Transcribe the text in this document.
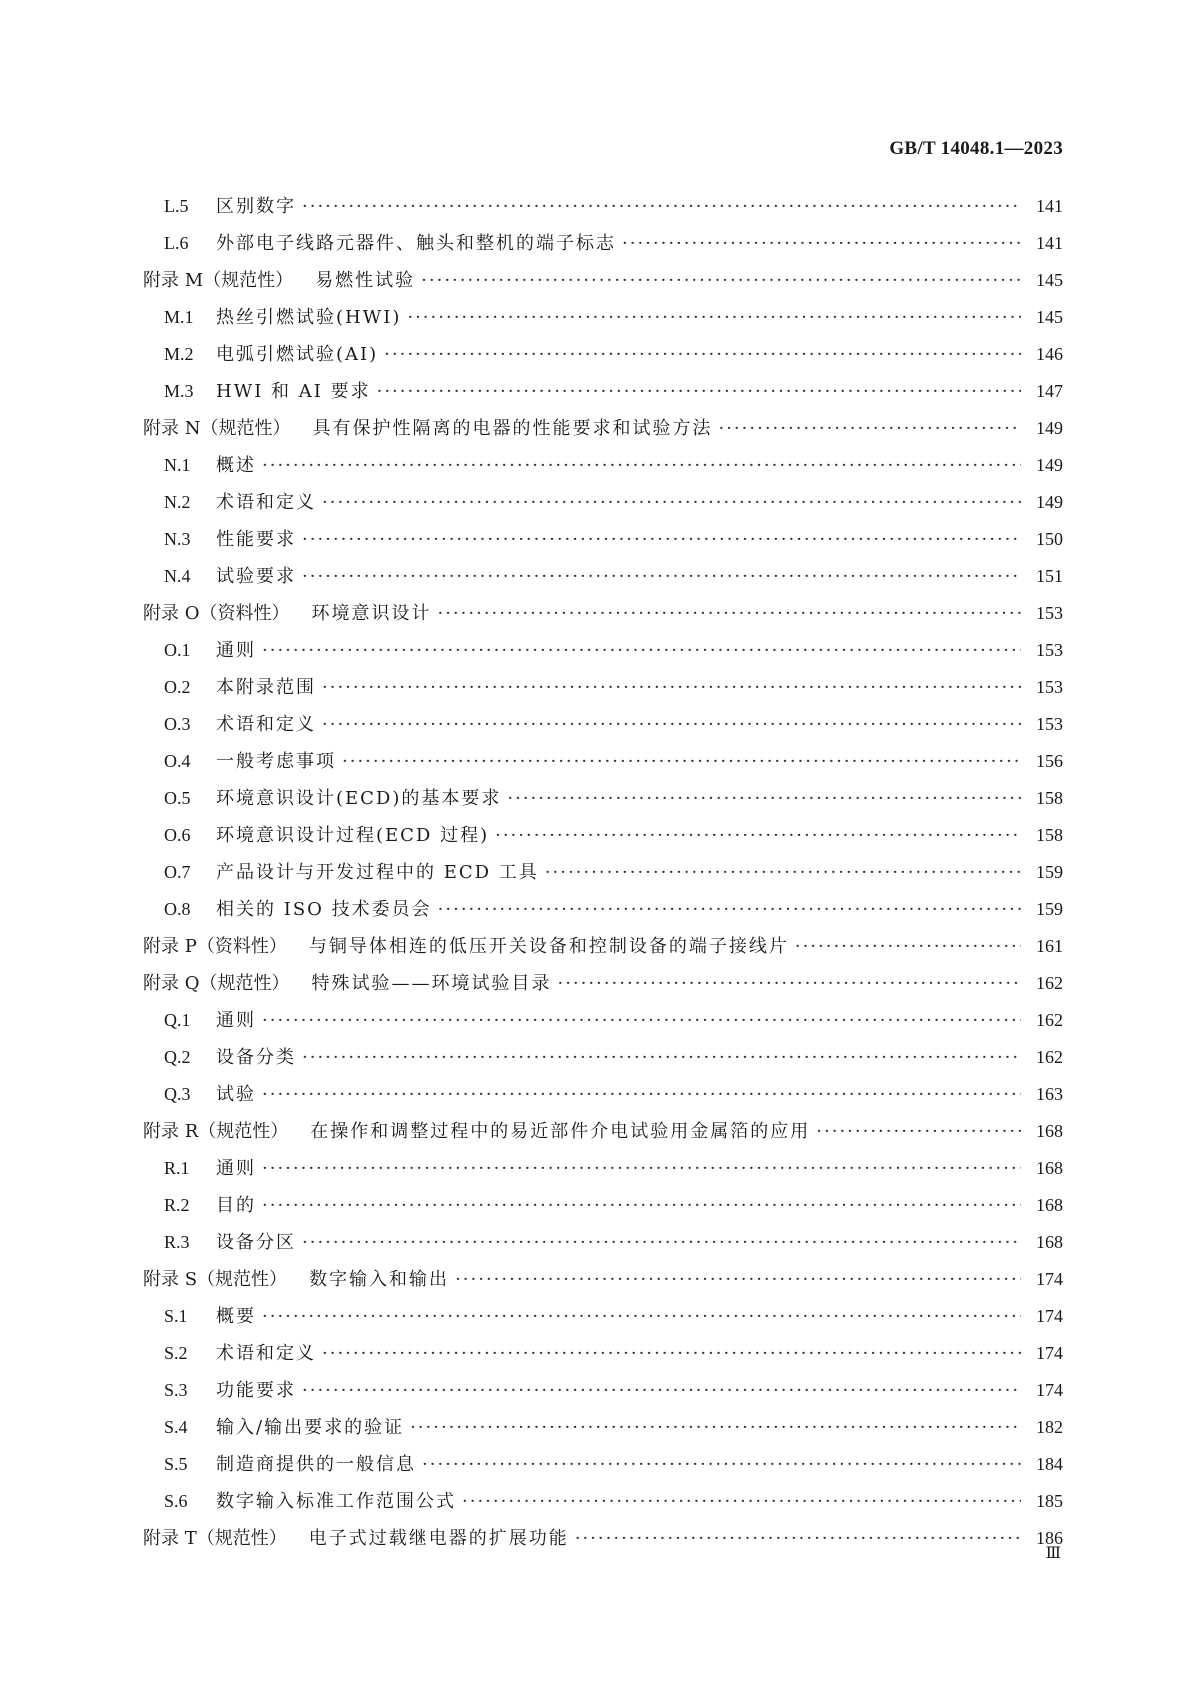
GB/T 14048.1—2023
L.5	区别数字 ·····	141
L.6	外部电子线路元器件、触头和整机的端子标志 ·····	141
附录 M（规范性） 易燃性试验 ·····	145
M.1	热丝引燃试验(HWI) ·····	145
M.2	电弧引燃试验(AI) ·····	146
M.3	HWI 和 AI 要求 ·····	147
附录 N（规范性） 具有保护性隔离的电器的性能要求和试验方法 ·····	149
N.1	概述 ·····	149
N.2	术语和定义 ·····	149
N.3	性能要求 ·····	150
N.4	试验要求 ·····	151
附录 O（资料性） 环境意识设计 ·····	153
O.1	通则 ·····	153
O.2	本附录范围 ·····	153
O.3	术语和定义 ·····	153
O.4	一般考虑事项 ·····	156
O.5	环境意识设计(ECD)的基本要求 ·····	158
O.6	环境意识设计过程(ECD 过程) ·····	158
O.7	产品设计与开发过程中的 ECD 工具 ·····	159
O.8	相关的 ISO 技术委员会 ·····	159
附录 P（资料性） 与铜导体相连的低压开关设备和控制设备的端子接线片 ·····	161
附录 Q（规范性） 特殊试验——环境试验目录 ·····	162
Q.1	通则 ·····	162
Q.2	设备分类 ·····	162
Q.3	试验 ·····	163
附录 R（规范性） 在操作和调整过程中的易近部件介电试验用金属箔的应用 ·····	168
R.1	通则 ·····	168
R.2	目的 ·····	168
R.3	设备分区 ·····	168
附录 S（规范性） 数字输入和输出 ·····	174
S.1	概要 ·····	174
S.2	术语和定义 ·····	174
S.3	功能要求 ·····	174
S.4	输入/输出要求的验证 ·····	182
S.5	制造商提供的一般信息 ·····	184
S.6	数字输入标准工作范围公式 ·····	185
附录 T（规范性） 电子式过载继电器的扩展功能 ·····	186
Ⅲ
